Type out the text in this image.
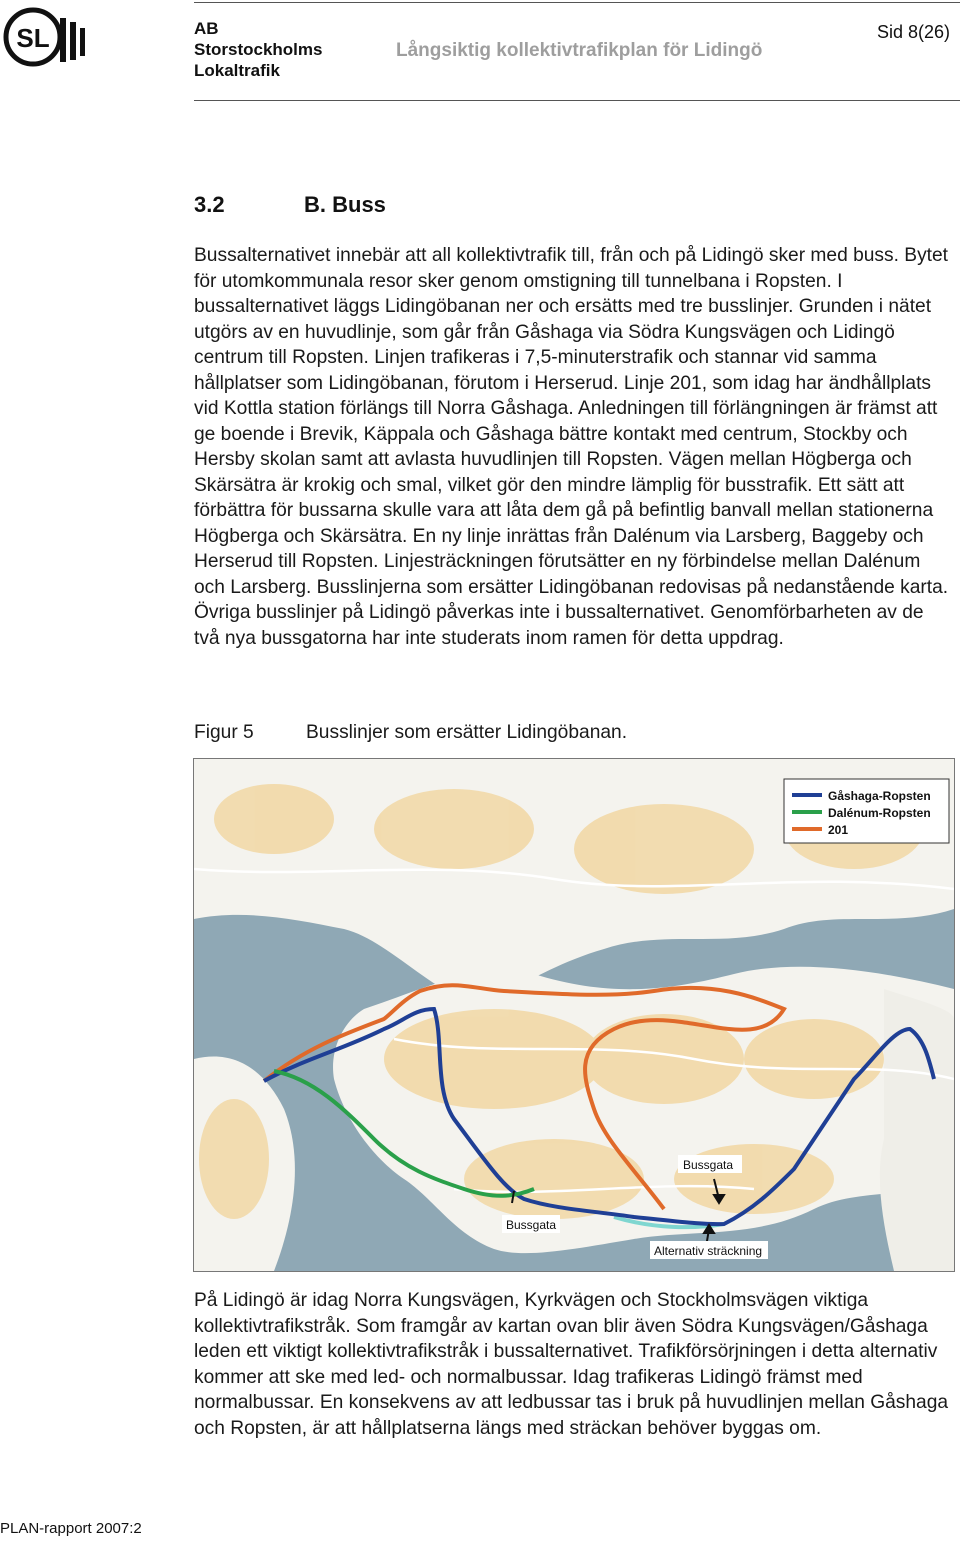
SL	AB
Storstockholms
Lokaltrafik
Långsiktig kollektivtrafikplan för Lidingö
Sid 8(26)
3.2	B. Buss
Bussalternativet innebär att all kollektivtrafik till, från och på Lidingö sker med buss. Bytet för utomkommunala resor sker genom omstigning till tunnelbana i Ropsten. I bussalternativet läggs Lidingöbanan ner och ersätts med tre busslinjer. Grunden i nätet utgörs av en huvudlinje, som går från Gåshaga via Södra Kungsvägen och Lidingö centrum till Ropsten. Linjen trafikeras i 7,5-minuterstrafik och stannar vid samma hållplatser som Lidingöbanan, förutom i Herserud. Linje 201, som idag har ändhållplats vid Kottla station förlängs till Norra Gåshaga. Anledningen till förlängningen är främst att ge boende i Brevik, Käppala och Gåshaga bättre kontakt med centrum, Stockby och Hersby skolan samt att avlasta huvudlinjen till Ropsten. Vägen mellan Högberga och Skärsätra är krokig och smal, vilket gör den mindre lämplig för busstrafik. Ett sätt att förbättra för bussarna skulle vara att låta dem gå på befintlig banvall mellan stationerna Högberga och Skärsätra. En ny linje inrättas från Dalénum via Larsberg, Baggeby och Herserud till Ropsten. Linjesträckningen förutsätter en ny förbindelse mellan Dalénum och Larsberg. Busslinjerna som ersätter Lidingöbanan redovisas på nedanstående karta. Övriga busslinjer på Lidingö påverkas inte i bussalternativet. Genomförbarheten av de två nya bussgatorna har inte studerats inom ramen för detta uppdrag.
Figur 5	Busslinjer som ersätter Lidingöbanan.
Gåshaga-Ropsten
Dalénum-Ropsten
201
Bussgata
Bussgata
Alternativ sträckning
På Lidingö är idag Norra Kungsvägen, Kyrkvägen och Stockholmsvägen viktiga kollektivtrafikstråk. Som framgår av kartan ovan blir även Södra Kungsvägen/Gåshaga leden ett viktigt kollektivtrafikstråk i bussalternativet. Trafikförsörjningen i detta alternativ kommer att ske med led- och normalbussar. Idag trafikeras Lidingö främst med normalbussar. En konsekvens av att ledbussar tas i bruk på huvudlinjen mellan Gåshaga och Ropsten, är att hållplatserna längs med sträckan behöver byggas om.
PLAN-rapport 2007:2
